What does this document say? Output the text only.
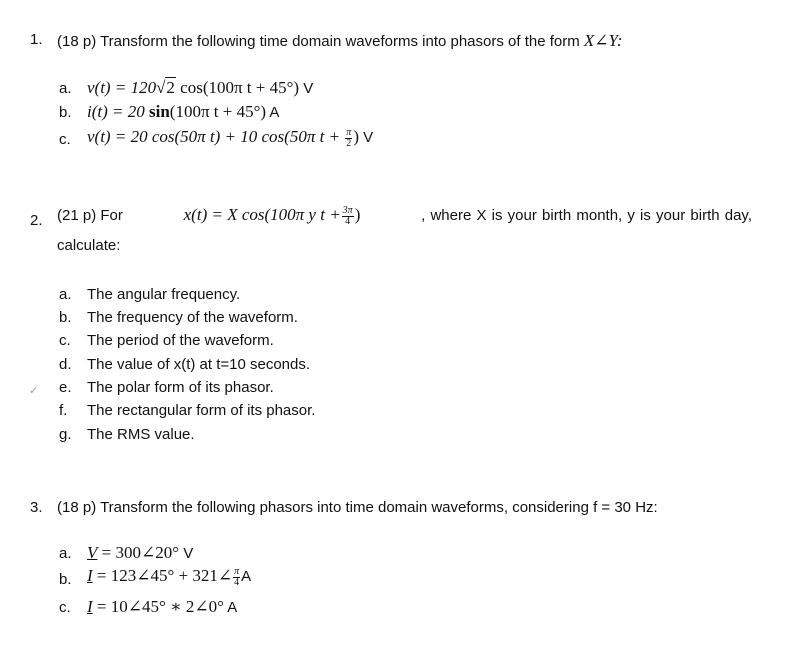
1. (18 p) Transform the following time domain waveforms into phasors of the form X∠Y:
a. v(t) = 120√2 cos(100π t + 45°) V
b. i(t) = 20 sin(100π t + 45°) A
c. v(t) = 20 cos(50π t) + 10 cos(50π $t + \frac{\pi}{2}$ ) V
2. (21 p) For	x(t) = X cos(100π y $t + \frac{3\pi}{4}$ )	, where X is your birth month, y is your birth day,
calculate:
a. The angular frequency.
b. The frequency of the waveform.
c. The period of the waveform.
d. The value of x(t) at t=10 seconds.
✓ e. The polar form of its phasor.
f. The rectangular form of its phasor.
g. The RMS value.
3. (18 p) Transform the following phasors into time domain waveforms, considering f = 30 Hz:
a. V = 300∠20° V
b. I = 123∠45° + 321∠ $\frac{\pi}{4}$ A
c. I = 10∠45° ∗ 2∠0° A
